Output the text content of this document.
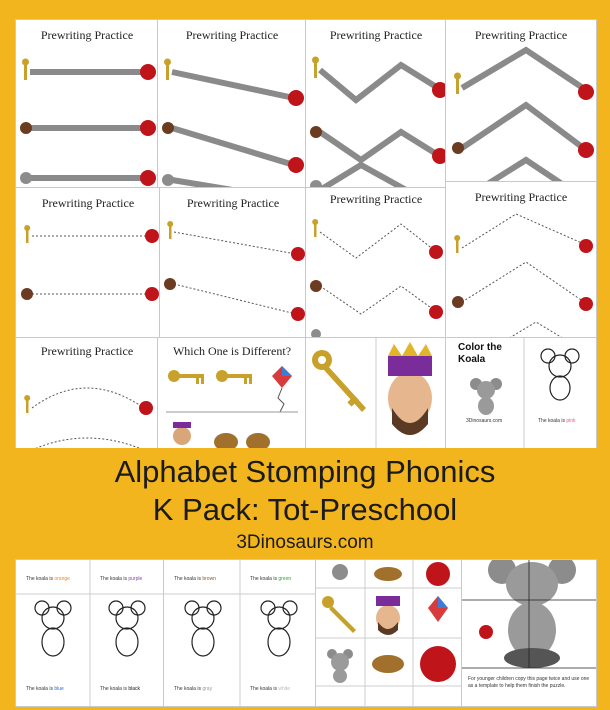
Prewriting Practice	Prewriting Practice	Prewriting Practice	Prewriting Practice
Prewriting Practice	Prewriting Practice	Prewriting Practice	Prewriting Practice
Prewriting Practice	Which One is Different?	Color the Koala
3Dinosaurs.com	The koala is pink
Alphabet Stomping Phonics
K Pack: Tot-Preschool
3Dinosaurs.com
The koala is orange	The koala is purple
The koala is blue	The koala is black
The koala is brown	The koala is green
The koala is gray	The koala is white
For younger children copy this page twice and use one as a template to help them finish the puzzle.
